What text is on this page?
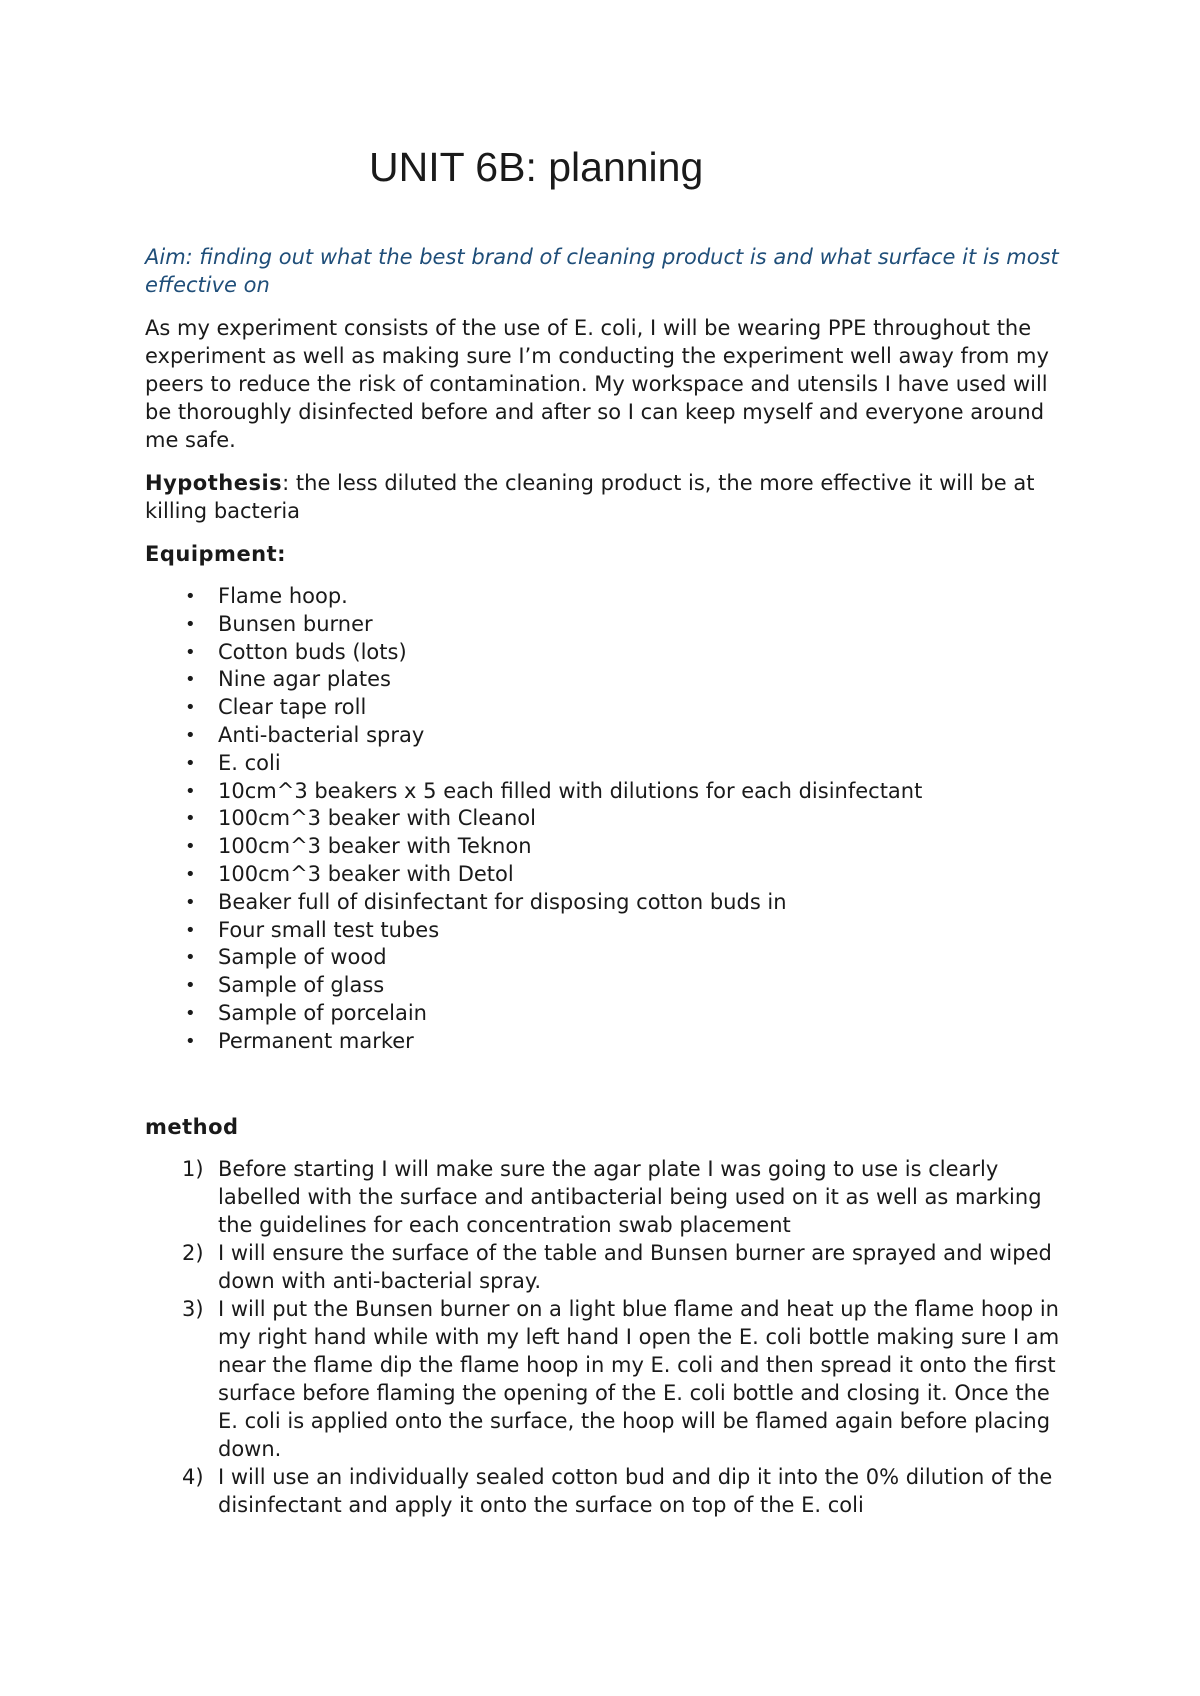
UNIT 6B: planning

Aim: finding out what the best brand of cleaning product is and what surface it is most effective on

As my experiment consists of the use of E. coli, I will be wearing PPE throughout the experiment as well as making sure I’m conducting the experiment well away from my peers to reduce the risk of contamination. My workspace and utensils I have used will be thoroughly disinfected before and after so I can keep myself and everyone around me safe.

Hypothesis: the less diluted the cleaning product is, the more effective it will be at killing bacteria

Equipment:

• Flame hoop.
• Bunsen burner
• Cotton buds (lots)
• Nine agar plates
• Clear tape roll
• Anti-bacterial spray
• E. coli
• 10cm^3 beakers x 5 each filled with dilutions for each disinfectant
• 100cm^3 beaker with Cleanol
• 100cm^3 beaker with Teknon
• 100cm^3 beaker with Detol
• Beaker full of disinfectant for disposing cotton buds in
• Four small test tubes
• Sample of wood
• Sample of glass
• Sample of porcelain
• Permanent marker

method

1) Before starting I will make sure the agar plate I was going to use is clearly labelled with the surface and antibacterial being used on it as well as marking the guidelines for each concentration swab placement
2) I will ensure the surface of the table and Bunsen burner are sprayed and wiped down with anti-bacterial spray.
3) I will put the Bunsen burner on a light blue flame and heat up the flame hoop in my right hand while with my left hand I open the E. coli bottle making sure I am near the flame dip the flame hoop in my E. coli and then spread it onto the first surface before flaming the opening of the E. coli bottle and closing it. Once the E. coli is applied onto the surface, the hoop will be flamed again before placing down.
4) I will use an individually sealed cotton bud and dip it into the 0% dilution of the disinfectant and apply it onto the surface on top of the E. coli
